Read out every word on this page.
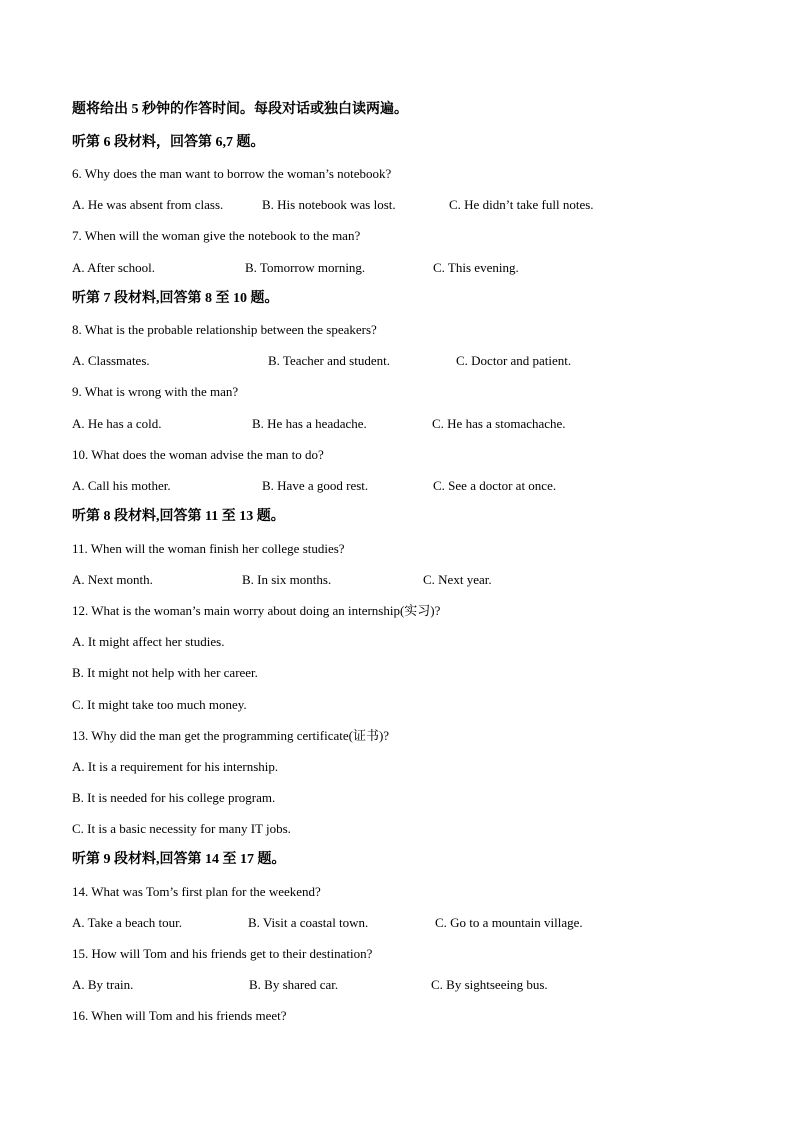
题将给出 5 秒钟的作答时间。每段对话或独白读两遍。
听第 6 段材料，回答第 6,7 题。
6. Why does the man want to borrow the woman’s notebook?
A. He was absent from class.	B. His notebook was lost.	C. He didn’t take full notes.
7. When will the woman give the notebook to the man?
A. After school.	B. Tomorrow morning.	C. This evening.
听第 7 段材料,回答第 8 至 10 题。
8. What is the probable relationship between the speakers?
A. Classmates.	B. Teacher and student.	C. Doctor and patient.
9. What is wrong with the man?
A. He has a cold.	B. He has a headache.	C. He has a stomachache.
10. What does the woman advise the man to do?
A. Call his mother.	B. Have a good rest.	C. See a doctor at once.
听第 8 段材料,回答第 11 至 13 题。
11. When will the woman finish her college studies?
A. Next month.	B. In six months.	C. Next year.
12. What is the woman’s main worry about doing an internship(实习)?
A. It might affect her studies.
B. It might not help with her career.
C. It might take too much money.
13. Why did the man get the programming certificate(证书)?
A. It is a requirement for his internship.
B. It is needed for his college program.
C. It is a basic necessity for many IT jobs.
听第 9 段材料,回答第 14 至 17 题。
14. What was Tom’s first plan for the weekend?
A. Take a beach tour.	B. Visit a coastal town.	C. Go to a mountain village.
15. How will Tom and his friends get to their destination?
A. By train.	B. By shared car.	C. By sightseeing bus.
16. When will Tom and his friends meet?
